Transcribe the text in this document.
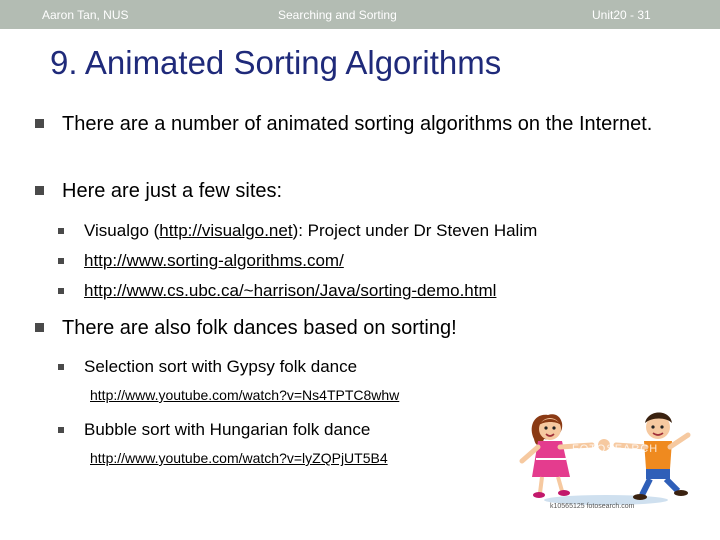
Aaron Tan, NUS	Searching and Sorting	Unit20 - 31
9. Animated Sorting Algorithms
There are a number of animated sorting algorithms on the Internet.
Here are just a few sites:
Visualgo (http://visualgo.net): Project under Dr Steven Halim
http://www.sorting-algorithms.com/
http://www.cs.ubc.ca/~harrison/Java/sorting-demo.html
There are also folk dances based on sorting!
Selection sort with Gypsy folk dance
http://www.youtube.com/watch?v=Ns4TPTC8whw
Bubble sort with Hungarian folk dance
http://www.youtube.com/watch?v=lyZQPjUT5B4
FOTOSEARCH
k10565125 fotosearch.com
